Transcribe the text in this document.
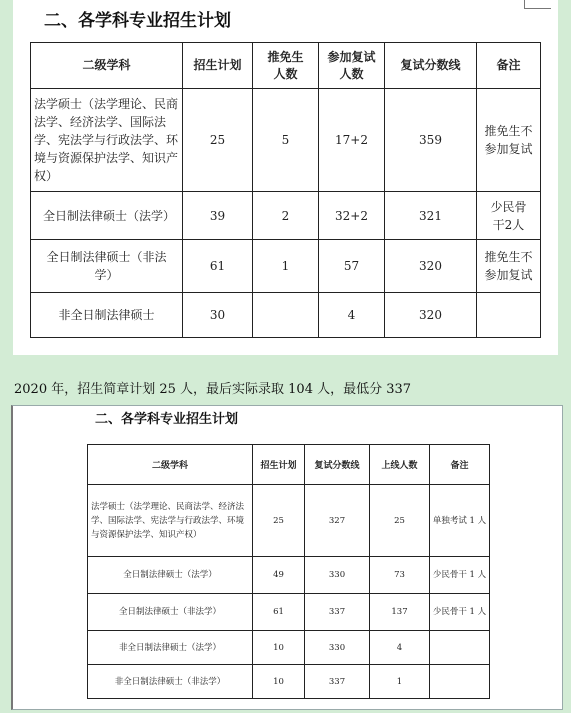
二、各学科专业招生计划
二级学科	招生计划	推免生人数	参加复试人数	复试分数线	备注
法学硕士（法学理论、民商法学、经济法学、国际法学、宪法学与行政法学、环境与资源保护法学、知识产权）	25	5	17+2	359	推免生不参加复试
全日制法律硕士（法学）	39	2	32+2	321	少民骨干2人
全日制法律硕士（非法学）	61	1	57	320	推免生不参加复试
非全日制法律硕士	30		4	320	
2020 年，招生简章计划 25 人，最后实际录取 104 人，最低分 337
二、各学科专业招生计划
二级学科	招生计划	复试分数线	上线人数	备注
法学硕士（法学理论、民商法学、经济法学、国际法学、宪法学与行政法学、环境与资源保护法学、知识产权）	25	327	25	单独考试 1 人
全日制法律硕士（法学）	49	330	73	少民骨干 1 人
全日制法律硕士（非法学）	61	337	137	少民骨干 1 人
非全日制法律硕士（法学）	10	330	4	
非全日制法律硕士（非法学）	10	337	1	
